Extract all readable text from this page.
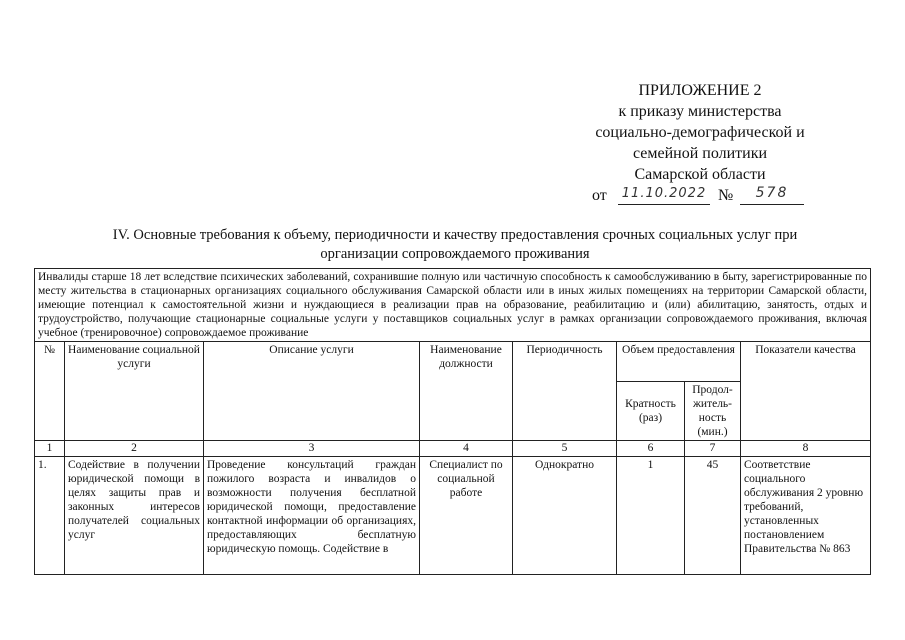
ПРИЛОЖЕНИЕ 2
к приказу министерства
социально-демографической и
семейной политики
Самарской области
от 11.10.2022 №	578
IV. Основные требования к объему, периодичности и качеству предоставления срочных социальных услуг при
организации сопровождаемого проживания
Инвалиды старше 18 лет вследствие психических заболеваний, сохранившие полную или частичную способность к самообслуживанию в быту, зарегистрированные по месту жительства в стационарных организациях социального обслуживания Самарской области или в иных жилых помещениях на территории Самарской области, имеющие потенциал к самостоятельной жизни и нуждающиеся в реализации прав на образование, реабилитацию и (или) абилитацию, занятость, отдых и трудоустройство, получающие стационарные социальные услуги у поставщиков социальных услуг в рамках организации сопровождаемого проживания, включая учебное (тренировочное) сопровождаемое проживание							
№	Наименование социальной услуги	Описание услуги	Наименование должности	Периодичность	Объем предоставления		Показатели качества
					Кратность (раз)	Продол-житель-ность (мин.)	
1	2	3	4	5	6	7	8
1.	Содействие в получении юридической помощи в целях защиты прав и законных интересов получателей социальных услуг	Проведение консультаций граждан пожилого возраста и инвалидов о возможности получения бесплатной юридической помощи, предоставление контактной информации об организациях, предоставляющих бесплатную юридическую помощь. Содействие в	Специалист по социальной работе	Однократно	1	45	Соответствие социального обслуживания 2 уровню требований, установленных постановлением Правительства № 863
